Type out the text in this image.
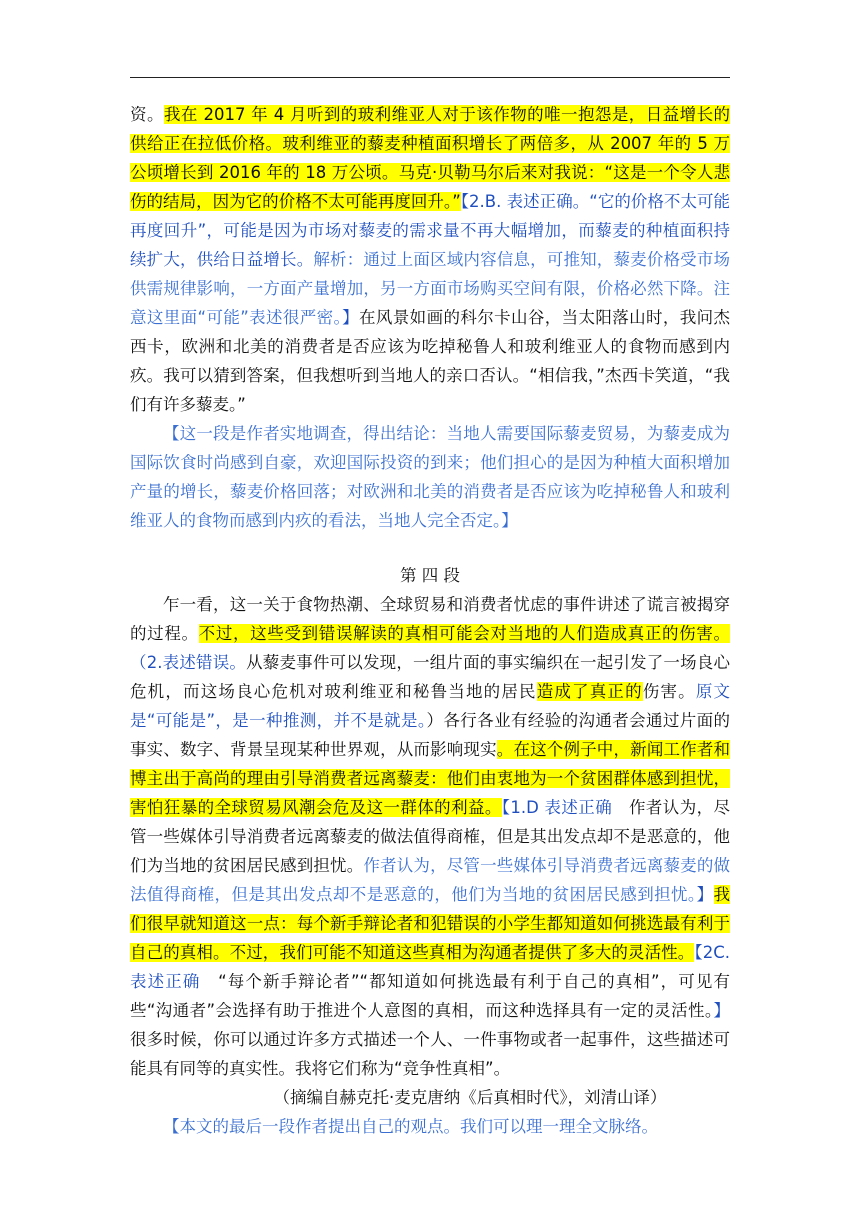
资。我在 2017 年 4 月听到的玻利维亚人对于该作物的唯一抱怨是，日益增长的供给正在拉低价格。玻利维亚的藜麦种植面积增长了两倍多，从 2007 年的 5 万公顷增长到 2016 年的 18 万公顷。马克·贝勒马尔后来对我说：“这是一个令人悲伤的结局，因为它的价格不太可能再度回升。”【2.B. 表述正确。“它的价格不太可能再度回升”，可能是因为市场对藜麦的需求量不再大幅增加，而藜麦的种植面积持续扩大，供给日益增长。解析：通过上面区域内容信息，可推知，藜麦价格受市场供需规律影响，一方面产量增加，另一方面市场购买空间有限，价格必然下降。注意这里面“可能”表述很严密。】在风景如画的科尔卡山谷，当太阳落山时，我问杰西卡，欧洲和北美的消费者是否应该为吃掉秘鲁人和玻利维亚人的食物而感到内疚。我可以猜到答案，但我想听到当地人的亲口否认。“相信我，”杰西卡笑道，“我们有许多藜麦。”

【这一段是作者实地调查，得出结论：当地人需要国际藜麦贸易，为藜麦成为国际饮食时尚感到自豪，欢迎国际投资的到来；他们担心的是因为种植大面积增加产量的增长，藜麦价格回落；对欧洲和北美的消费者是否应该为吃掉秘鲁人和玻利维亚人的食物而感到内疚的看法，当地人完全否定。】

第 四 段

乍一看，这一关于食物热潮、全球贸易和消费者忧虑的事件讲述了谎言被揭穿的过程。不过，这些受到错误解读的真相可能会对当地的人们造成真正的伤害。（2.表述错误。从藜麦事件可以发现，一组片面的事实编织在一起引发了一场良心危机，而这场良心危机对玻利维亚和秘鲁当地的居民造成了真正的伤害。原文是“可能是”，是一种推测，并不是就是。）各行各业有经验的沟通者会通过片面的事实、数字、背景呈现某种世界观，从而影响现实。在这个例子中，新闻工作者和博主出于高尚的理由引导消费者远离藜麦：他们由衷地为一个贫困群体感到担忧，害怕狂暴的全球贸易风潮会危及这一群体的利益。【1.D 表述正确　作者认为，尽管一些媒体引导消费者远离藜麦的做法值得商榷，但是其出发点却不是恶意的，他们为当地的贫困居民感到担忧。作者认为，尽管一些媒体引导消费者远离藜麦的做法值得商榷，但是其出发点却不是恶意的，他们为当地的贫困居民感到担忧。】我们很早就知道这一点：每个新手辩论者和犯错误的小学生都知道如何挑选最有利于自己的真相。不过，我们可能不知道这些真相为沟通者提供了多大的灵活性。【2C. 表述正确　“每个新手辩论者”“都知道如何挑选最有利于自己的真相”，可见有些“沟通者”会选择有助于推进个人意图的真相，而这种选择具有一定的灵活性。】很多时候，你可以通过许多方式描述一个人、一件事物或者一起事件，这些描述可能具有同等的真实性。我将它们称为“竞争性真相”。

（摘编自赫克托·麦克唐纳《后真相时代》，刘清山译）

【本文的最后一段作者提出自己的观点。我们可以理一理全文脉络。
